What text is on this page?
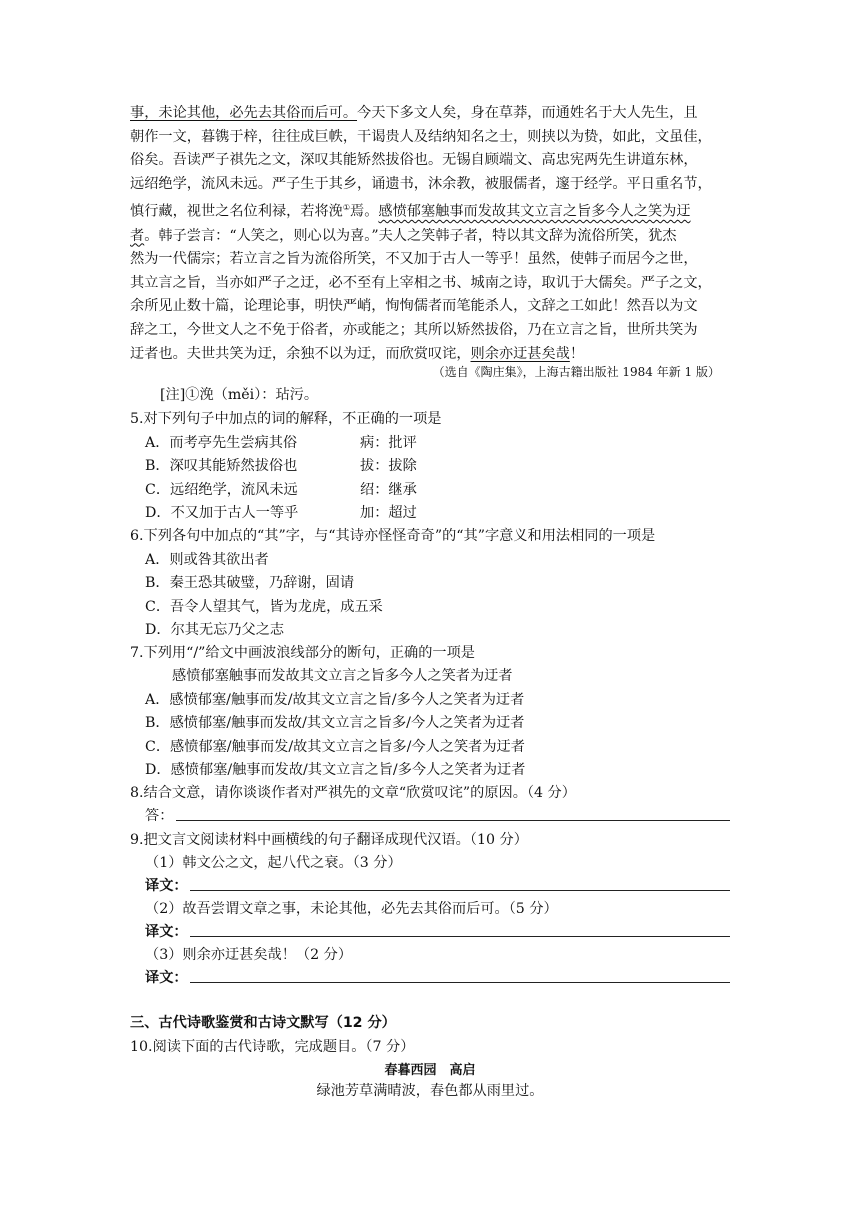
事，未论其他，必先去其俗而后可。今天下多文人矣，身在草莽，而通姓名于大人先生，且
朝作一文，暮镌于梓，往往成巨帙，干谒贵人及结纳知名之士，则挟以为贽，如此，文虽佳，
俗矣。吾读严子祺先之文，深叹其能矫然拔俗也。无锡自顾端文、高忠宪两先生讲道东林，
远绍绝学，流风未远。严子生于其乡，诵遗书，沐余教，被服儒者，邃于经学。平日重名节，
慎行藏，视世之名位利禄，若将浼①焉。感愤郁塞触事而发故其文立言之旨多今人之笑为迂
者。韩子尝言：“人笑之，则心以为喜。”夫人之笑韩子者，特以其文辞为流俗所笑，犹杰
然为一代儒宗；若立言之旨为流俗所笑，不又加于古人一等乎！虽然，使韩子而居今之世，
其立言之旨，当亦如严子之迂，必不至有上宰相之书、城南之诗，取讥于大儒矣。严子之文，
余所见止数十篇，论理论事，明快严峭，恂恂儒者而笔能杀人，文辞之工如此！然吾以为文
辞之工，今世文人之不免于俗者，亦或能之；其所以矫然拔俗，乃在立言之旨，世所共笑为
迂者也。夫世共笑为迂，余独不以为迂，而欣赏叹诧，则余亦迂甚矣哉！
（选自《陶庄集》，上海古籍出版社 1984 年新 1 版）
[注]①浼（měi）：玷污。
5.对下列句子中加点的词的解释，不正确的一项是
A．而考亭先生尝病其俗	病：批评
B．深叹其能矫然拔俗也	拔：拔除
C．远绍绝学，流风未远	绍：继承
D．不又加于古人一等乎	加：超过
6.下列各句中加点的“其”字，与“其诗亦怪怪奇奇”的“其”字意义和用法相同的一项是
A．则或咎其欲出者
B．秦王恐其破璧，乃辞谢，固请
C．吾令人望其气，皆为龙虎，成五采
D．尔其无忘乃父之志
7.下列用“/”给文中画波浪线部分的断句，正确的一项是
感愤郁塞触事而发故其文立言之旨多今人之笑者为迂者
A．感愤郁塞/触事而发/故其文立言之旨/多今人之笑者为迂者
B．感愤郁塞/触事而发故/其文立言之旨多/今人之笑者为迂者
C．感愤郁塞/触事而发/故其文立言之旨多/今人之笑者为迂者
D．感愤郁塞/触事而发故/其文立言之旨/多今人之笑者为迂者
8.结合文意，请你谈谈作者对严祺先的文章“欣赏叹诧”的原因。（4 分）
答：
9.把文言文阅读材料中画横线的句子翻译成现代汉语。（10 分）
（1）韩文公之文，起八代之衰。（3 分）
译文：
（2）故吾尝谓文章之事，未论其他，必先去其俗而后可。（5 分）
译文：
（3）则余亦迂甚矣哉！（2 分）
译文：
三、古代诗歌鉴赏和古诗文默写（12 分）
10.阅读下面的古代诗歌，完成题目。（7 分）
春暮西园　高启
绿池芳草满晴波，春色都从雨里过。
